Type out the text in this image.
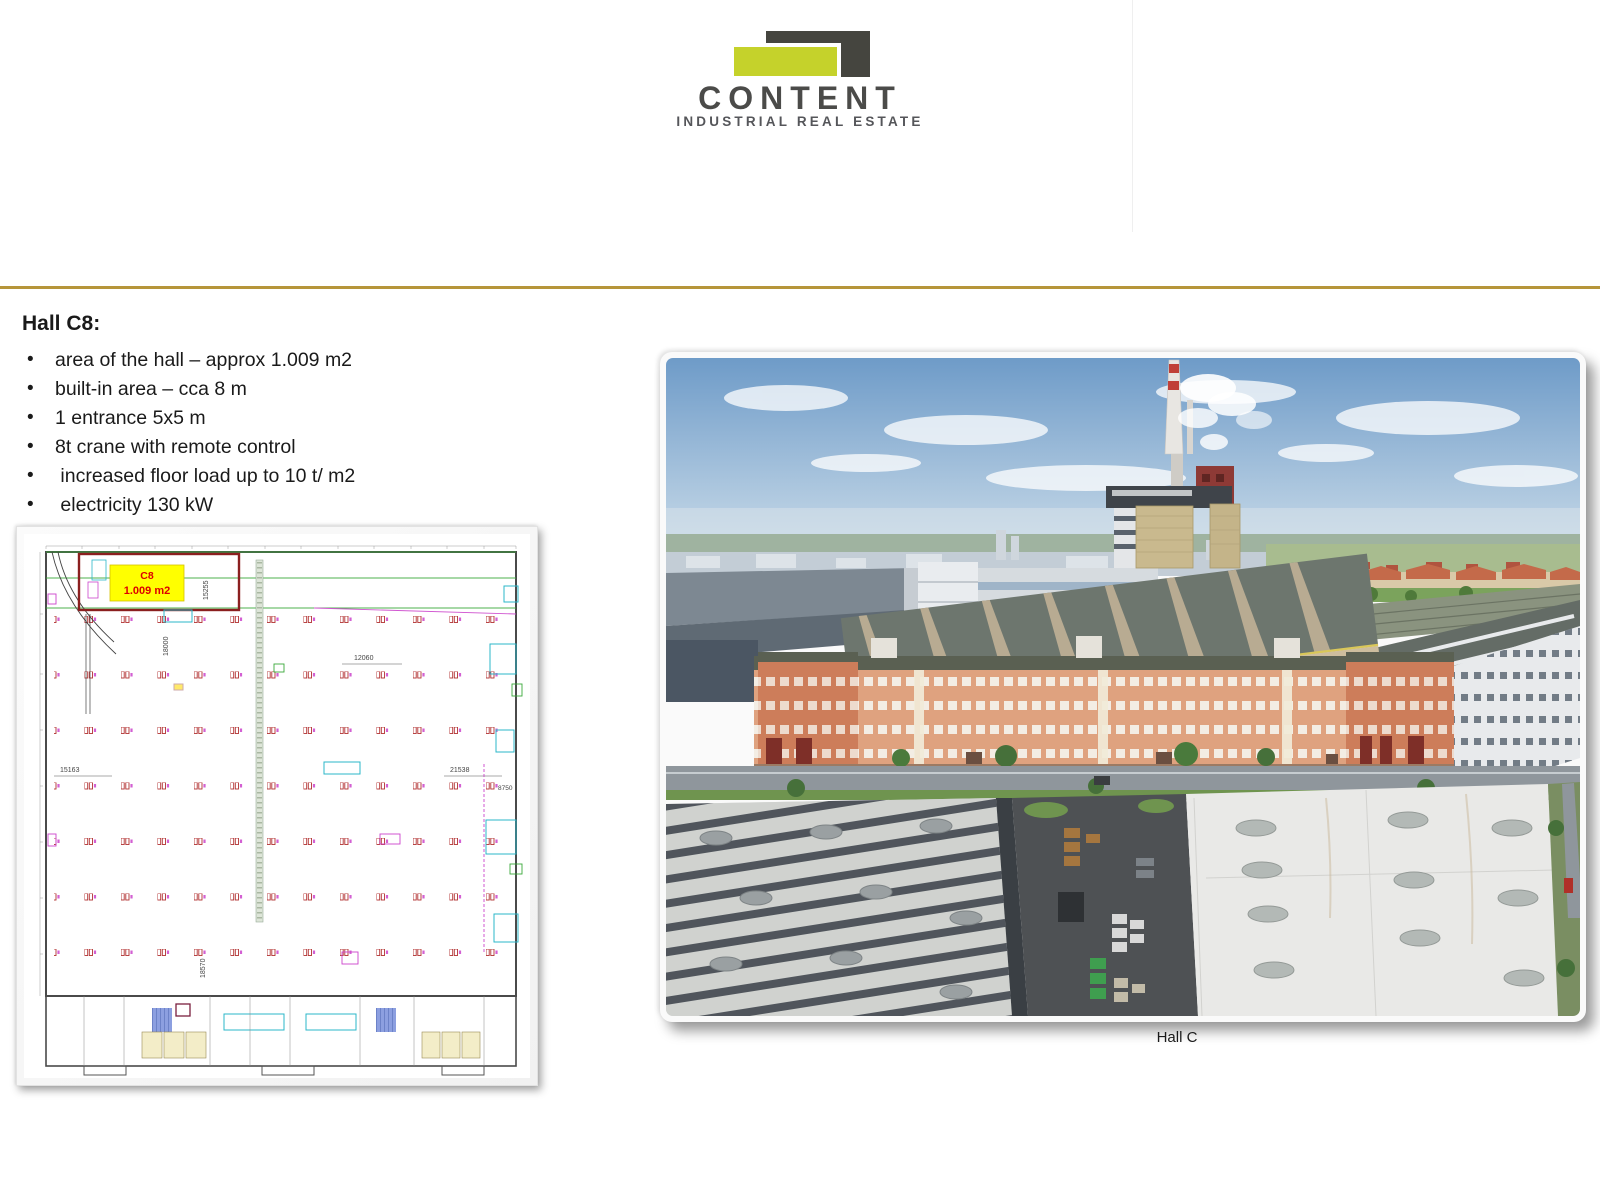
CONTENT
INDUSTRIAL REAL ESTATE
Hall C8:
• area of the hall – approx 1.009 m2
• built-in area – cca 8 m
• 1 entrance 5x5 m
• 8t crane with remote control
•  increased floor load up to 10 t/ m2
•  electricity 130 kW
C8
1.009 m2	15255
18000
12060
15163	21538
8750
18570
Hall C
